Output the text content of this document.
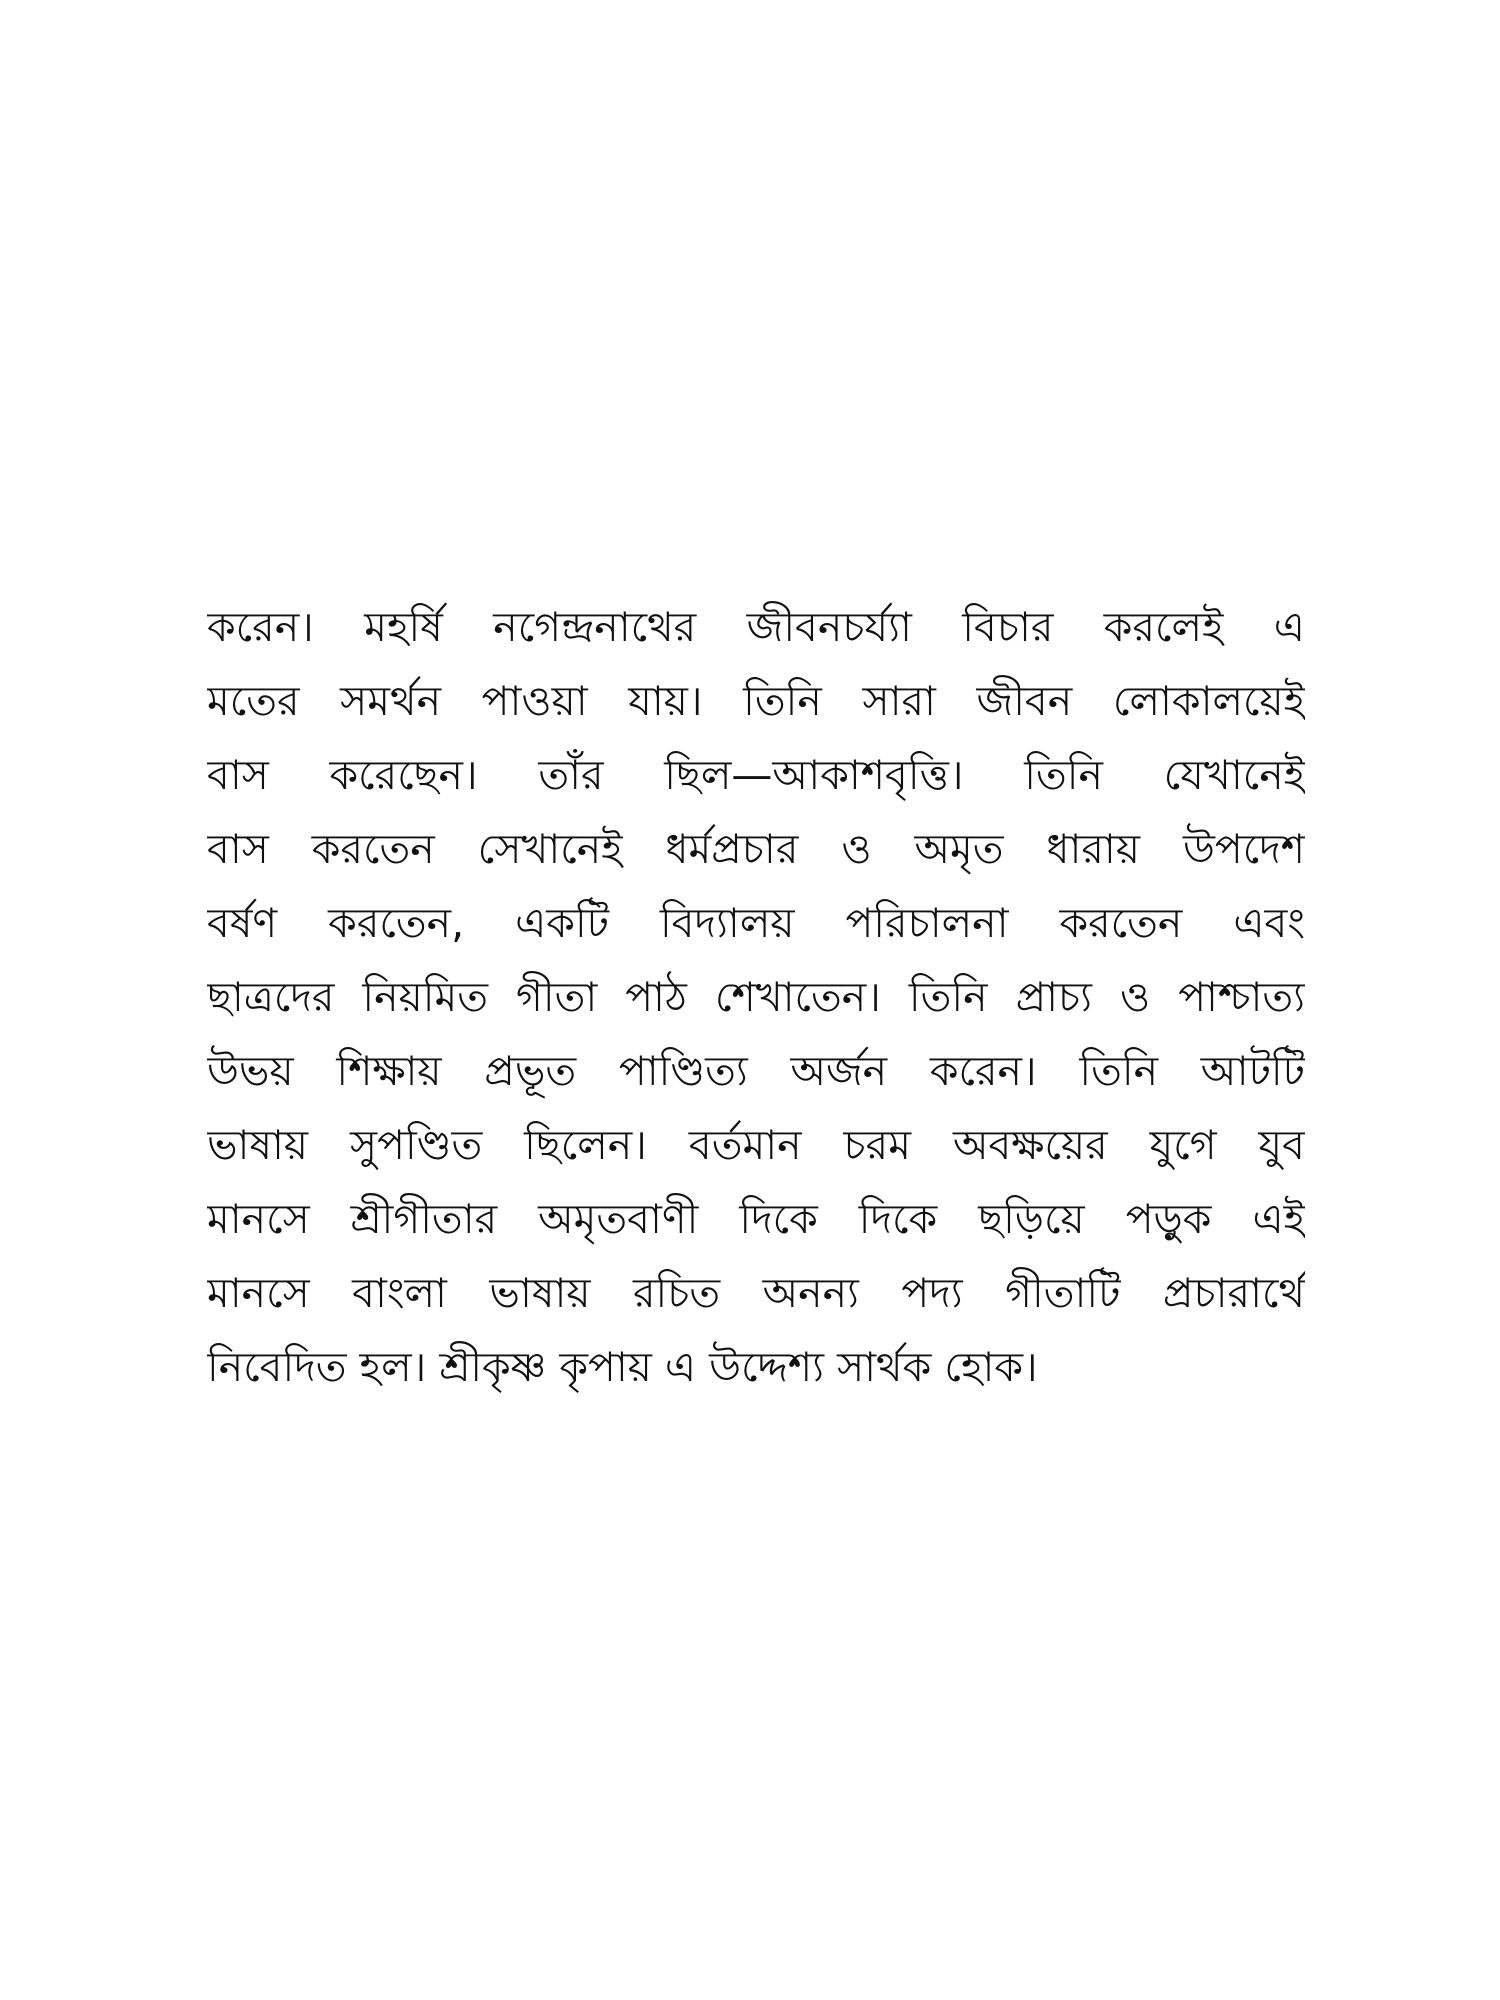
করেন। মহর্ষি নগেন্দ্রনাথের জীবনচর্য্যা বিচার করলেই এ
মতের সমর্থন পাওয়া যায়। তিনি সারা জীবন লোকালয়েই
বাস করেছেন। তাঁর ছিল—আকাশবৃত্তি। তিনি যেখানেই
বাস করতেন সেখানেই ধর্মপ্রচার ও অমৃত ধারায় উপদেশ
বর্ষণ করতেন, একটি বিদ্যালয় পরিচালনা করতেন এবং
ছাত্রদের নিয়মিত গীতা পাঠ শেখাতেন। তিনি প্রাচ্য ও পাশ্চাত্য
উভয় শিক্ষায় প্রভূত পাণ্ডিত্য অর্জন করেন। তিনি আটটি
ভাষায় সুপণ্ডিত ছিলেন। বর্তমান চরম অবক্ষয়ের যুগে যুব
মানসে শ্রীগীতার অমৃতবাণী দিকে দিকে ছড়িয়ে পড়ুক এই
মানসে বাংলা ভাষায় রচিত অনন্য পদ্য গীতাটি প্রচারার্থে
নিবেদিত হল। শ্রীকৃষ্ণ কৃপায় এ উদ্দেশ্য সার্থক হোক।
